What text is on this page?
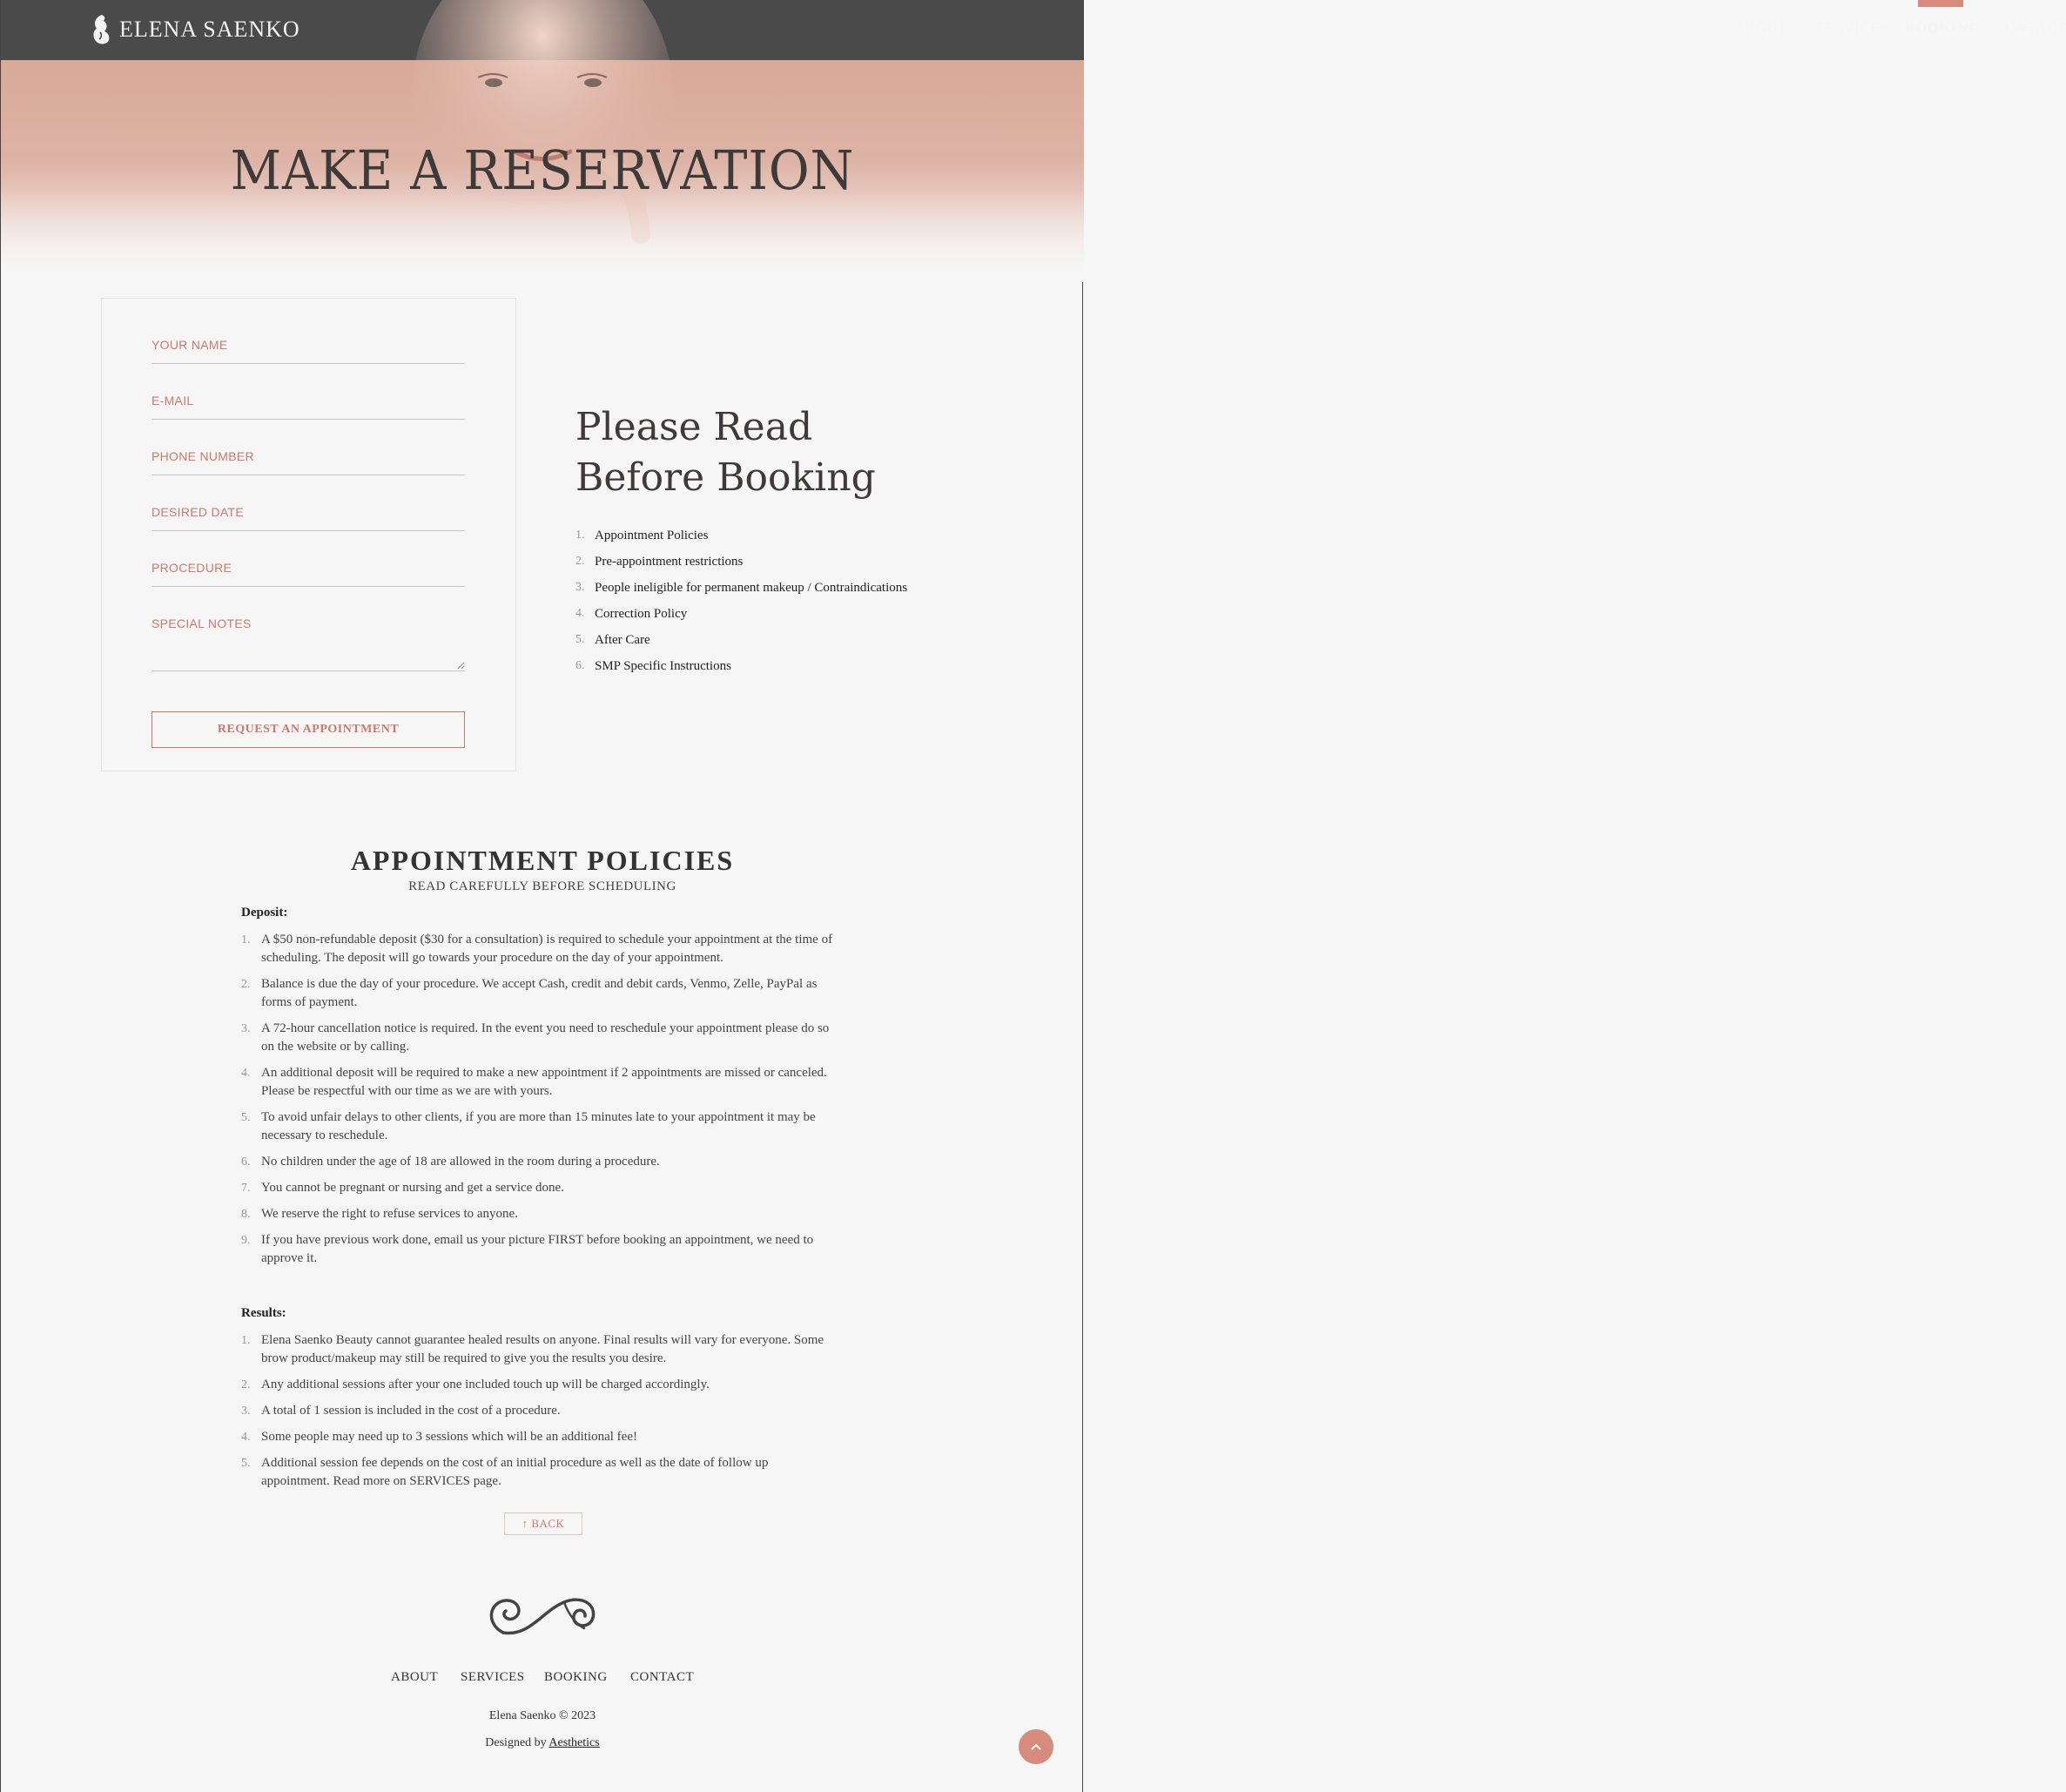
ELENA SAENKO	ABOUT SERVICES BOOKING CONTACT
MAKE A RESERVATION
YOUR NAME
E-MAIL
PHONE NUMBER
DESIRED DATE
PROCEDURE
SPECIAL NOTES
REQUEST AN APPOINTMENT
Please Read
Before Booking
1. Appointment Policies
2. Pre-appointment restrictions
3. People ineligible for permanent makeup / Contraindications
4. Correction Policy
5. After Care
6. SMP Specific Instructions
APPOINTMENT POLICIES
READ CAREFULLY BEFORE SCHEDULING
Deposit:
1. A $50 non-refundable deposit ($30 for a consultation) is required to schedule your appointment at the time of scheduling. The deposit will go towards your procedure on the day of your appointment.
2. Balance is due the day of your procedure. We accept Cash, credit and debit cards, Venmo, Zelle, PayPal as forms of payment.
3. A 72-hour cancellation notice is required. In the event you need to reschedule your appointment please do so on the website or by calling.
4. An additional deposit will be required to make a new appointment if 2 appointments are missed or canceled. Please be respectful with our time as we are with yours.
5. To avoid unfair delays to other clients, if you are more than 15 minutes late to your appointment it may be necessary to reschedule.
6. No children under the age of 18 are allowed in the room during a procedure.
7. You cannot be pregnant or nursing and get a service done.
8. We reserve the right to refuse services to anyone.
9. If you have previous work done, email us your picture FIRST before booking an appointment, we need to approve it.
Results:
1. Elena Saenko Beauty cannot guarantee healed results on anyone. Final results will vary for everyone. Some brow product/makeup may still be required to give you the results you desire.
2. Any additional sessions after your one included touch up will be charged accordingly.
3. A total of 1 session is included in the cost of a procedure.
4. Some people may need up to 3 sessions which will be an additional fee!
5. Additional session fee depends on the cost of an initial procedure as well as the date of follow up appointment. Read more on SERVICES page.
↑ BACK
ABOUT SERVICES BOOKING CONTACT
Elena Saenko © 2023
Designed by Aesthetics
